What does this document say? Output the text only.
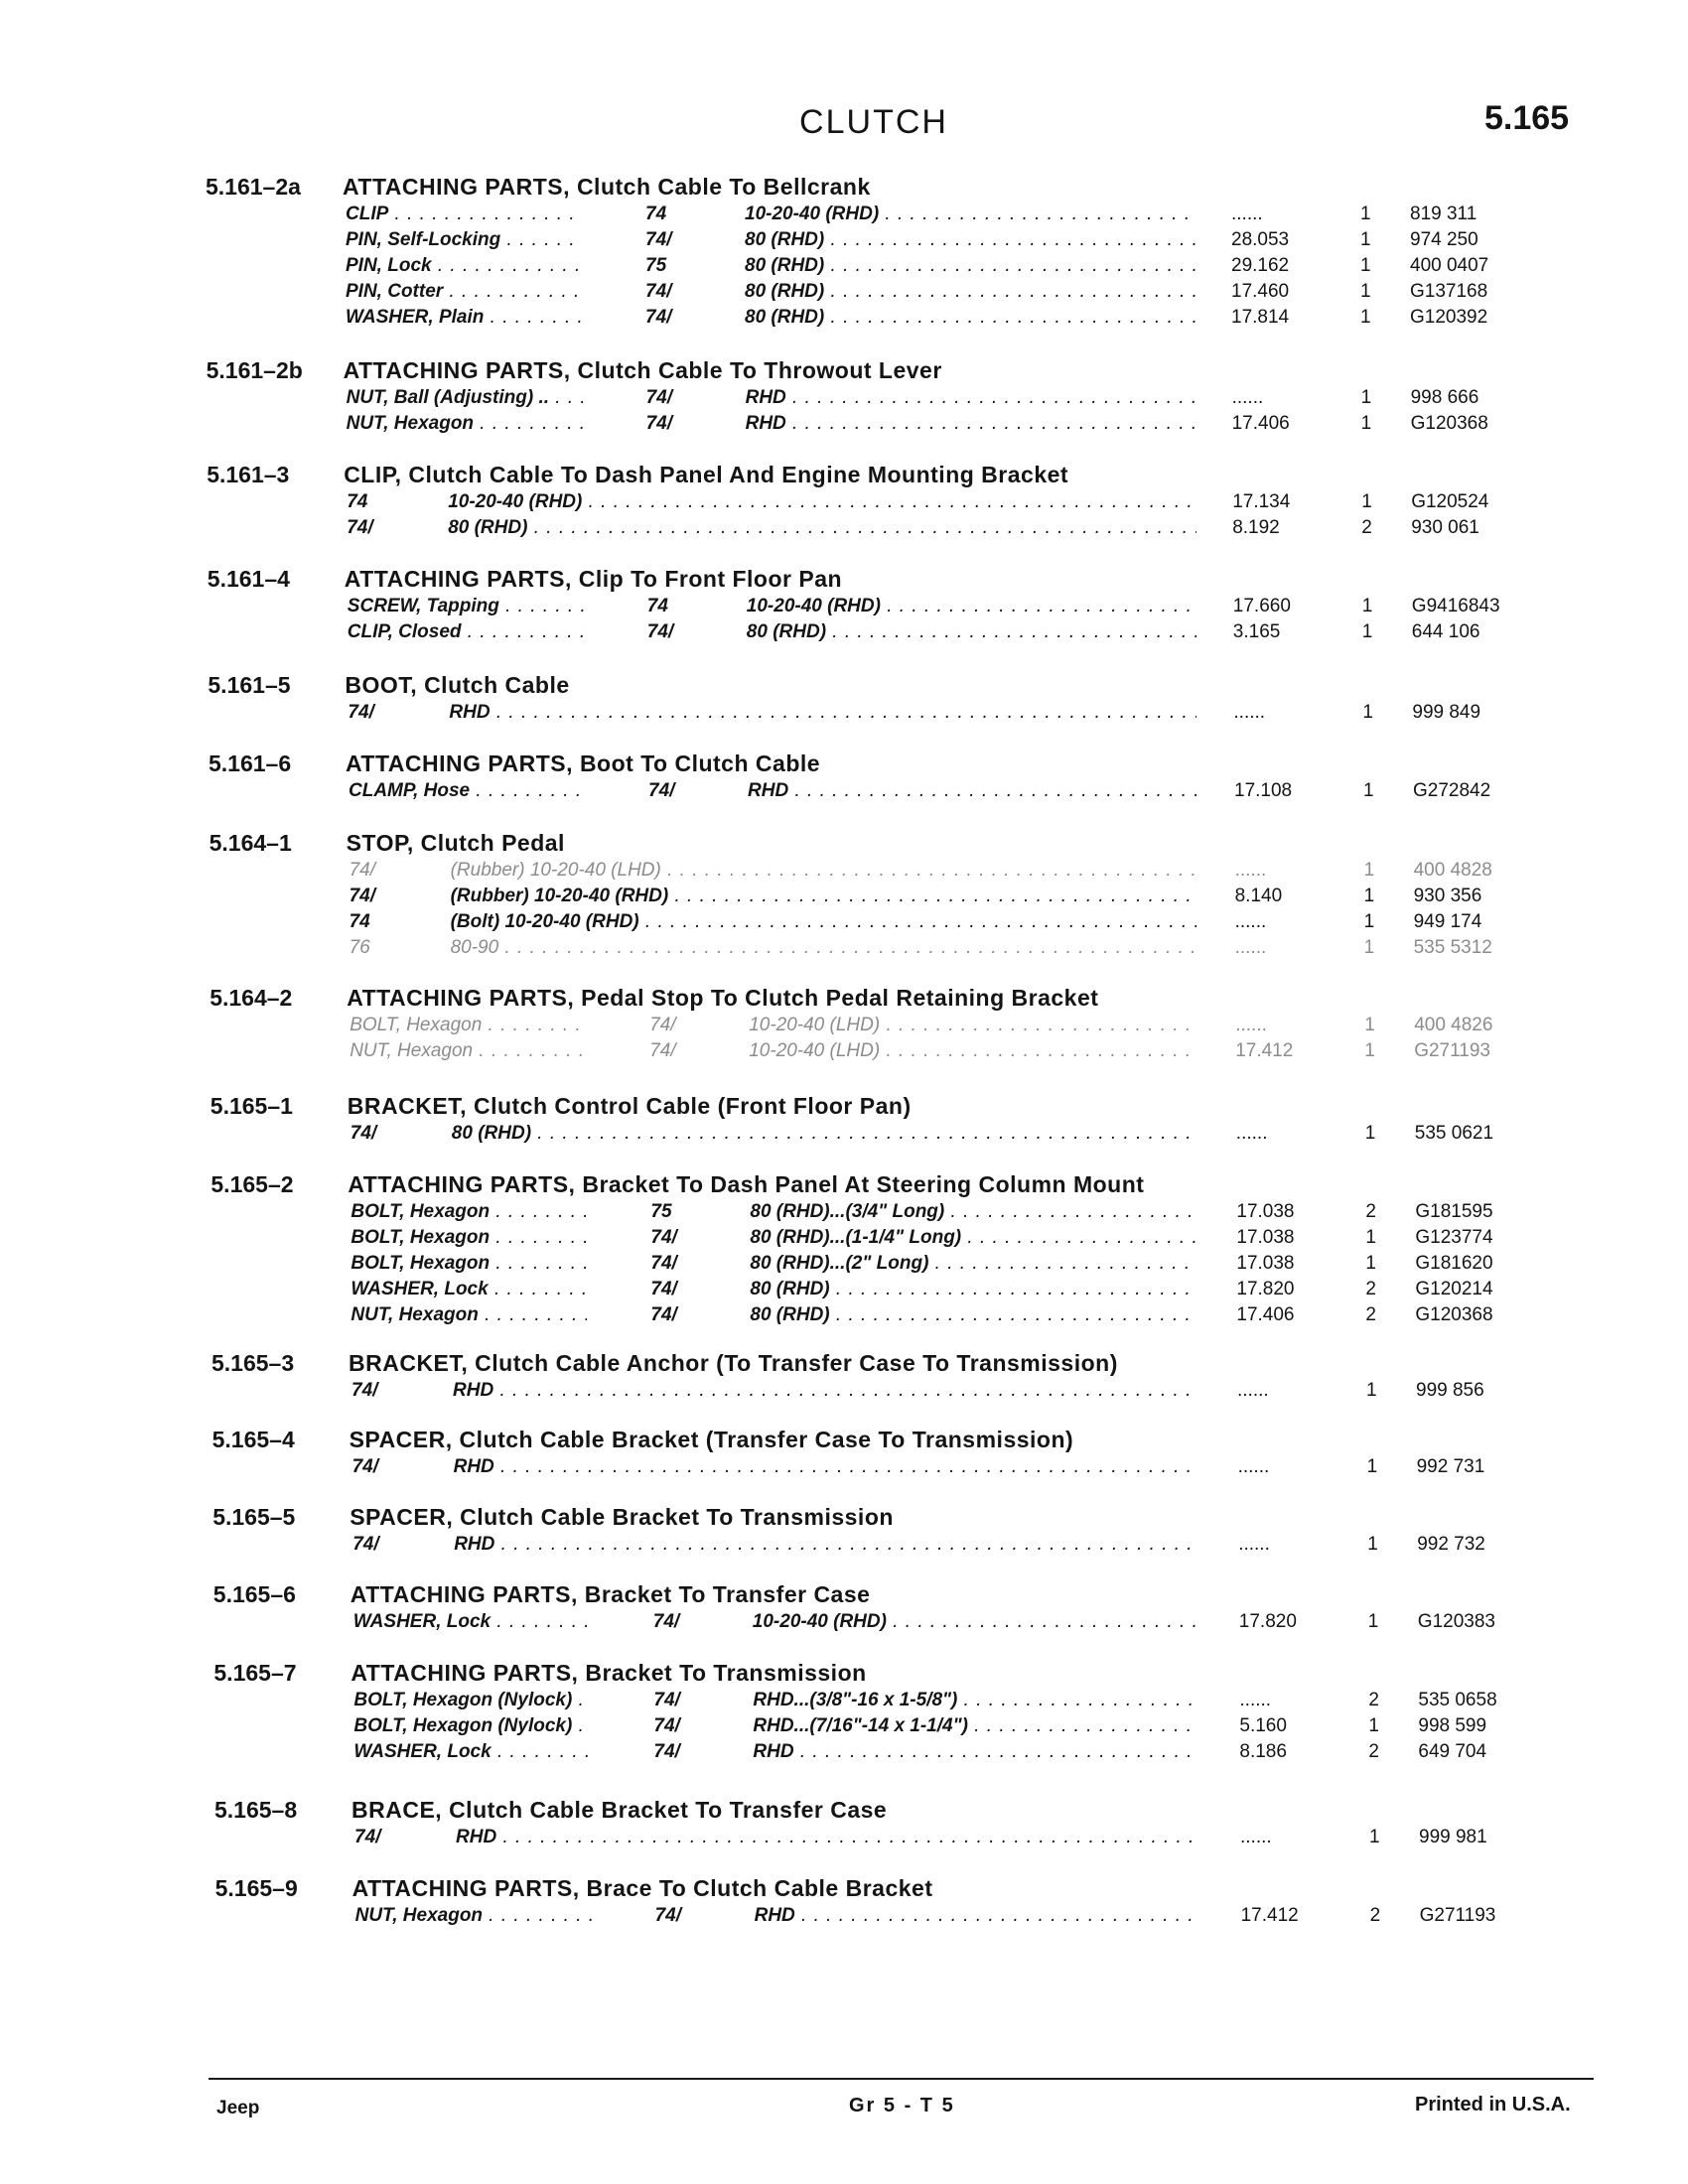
CLUTCH	5.165
5.161–2a ATTACHING PARTS, Clutch Cable To Bellcrank
CLIP . . .	74	10-20-40 (RHD) . . .	......	1 819 311
PIN, Self-Locking . . .	74/	80 (RHD) . . .	28.053	1 974 250
PIN, Lock . . .	75	80 (RHD) . . .	29.162	1 400 0407
PIN, Cotter . . .	74/	80 (RHD) . . .	17.460	1 G137168
WASHER, Plain . . .	74/	80 (RHD) . . .	17.814	1 G120392
5.161–2b ATTACHING PARTS, Clutch Cable To Throwout Lever
NUT, Ball (Adjusting) .. . . .	74/	RHD . . .	......	1 998 666
NUT, Hexagon . . .	74/	RHD . . .	17.406	1 G120368
5.161–3 CLIP, Clutch Cable To Dash Panel And Engine Mounting Bracket
74	10-20-40 (RHD) . . .	17.134	1 G120524
74/	80 (RHD) . . .	8.192	2 930 061
5.161–4 ATTACHING PARTS, Clip To Front Floor Pan
SCREW, Tapping . . .	74	10-20-40 (RHD) . . .	17.660	1 G9416843
CLIP, Closed . . .	74/	80 (RHD) . . .	3.165	1 644 106
5.161–5 BOOT, Clutch Cable
74/	RHD . . .	......	1 999 849
5.161–6 ATTACHING PARTS, Boot To Clutch Cable
CLAMP, Hose . . .	74/	RHD . . .	17.108	1 G272842
5.164–1 STOP, Clutch Pedal
74/	(Rubber) 10-20-40 (LHD) . . .	......	1 400 4828
74/	(Rubber) 10-20-40 (RHD) . . .	8.140	1 930 356
74	(Bolt) 10-20-40 (RHD) . . .	......	1 949 174
76	80-90 . . .	......	1 535 5312
5.164–2 ATTACHING PARTS, Pedal Stop To Clutch Pedal Retaining Bracket
BOLT, Hexagon . . .	74/	10-20-40 (LHD) . . .	......	1 400 4826
NUT, Hexagon . . .	74/	10-20-40 (LHD) . . .	17.412	1 G271193
5.165–1 BRACKET, Clutch Control Cable (Front Floor Pan)
74/	80 (RHD) . . .	......	1 535 0621
5.165–2 ATTACHING PARTS, Bracket To Dash Panel At Steering Column Mount
BOLT, Hexagon . . .	75	80 (RHD)...(3/4" Long) . . .	17.038	2 G181595
BOLT, Hexagon . . .	74/	80 (RHD)...(1-1/4" Long) . . .	17.038	1 G123774
BOLT, Hexagon . . .	74/	80 (RHD)...(2" Long) . . .	17.038	1 G181620
WASHER, Lock . . .	74/	80 (RHD) . . .	17.820	2 G120214
NUT, Hexagon . . .	74/	80 (RHD) . . .	17.406	2 G120368
5.165–3 BRACKET, Clutch Cable Anchor (To Transfer Case To Transmission)
74/	RHD . . .	......	1 999 856
5.165–4 SPACER, Clutch Cable Bracket (Transfer Case To Transmission)
74/	RHD . . .	......	1 992 731
5.165–5 SPACER, Clutch Cable Bracket To Transmission
74/	RHD . . .	......	1 992 732
5.165–6 ATTACHING PARTS, Bracket To Transfer Case
WASHER, Lock . . .	74/	10-20-40 (RHD) . . .	17.820	1 G120383
5.165–7 ATTACHING PARTS, Bracket To Transmission
BOLT, Hexagon (Nylock) . . .	74/	RHD...(3/8"-16 x 1-5/8") . . .	......	2 535 0658
BOLT, Hexagon (Nylock) . . .	74/	RHD...(7/16"-14 x 1-1/4") . . .	5.160	1 998 599
WASHER, Lock . . .	74/	RHD . . .	8.186	2 649 704
5.165–8 BRACE, Clutch Cable Bracket To Transfer Case
74/	RHD . . .	......	1 999 981
5.165–9 ATTACHING PARTS, Brace To Clutch Cable Bracket
NUT, Hexagon . . .	74/	RHD . . .	17.412	2 G271193
Jeep	Gr 5 - T 5	Printed in U.S.A.
